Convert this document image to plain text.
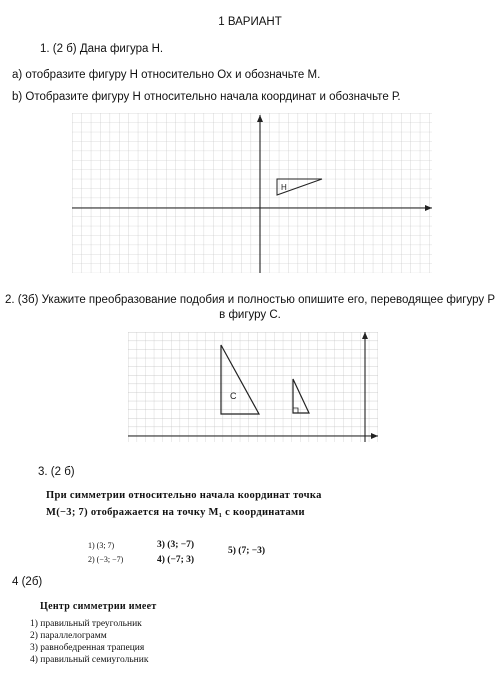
1 ВАРИАНТ
1. (2 б) Дана фигура Н.
а) отобразите фигуру Н относительно Ох и обозначьте М.
b) Отобразите фигуру Н относительно начала координат и обозначьте Р.
Н
2. (3б) Укажите преобразование подобия и полностью опишите его, переводящее фигуру Р
в фигуру С.
С
3. (2 б)
При симметрии относительно начала координат точка
M(−3; 7) отображается на точку M₁ с координатами
1) (3; 7)
2) (−3; −7)
3) (3; −7)
4) (−7; 3)
5) (7; −3)
4 (2б)
Центр симметрии имеет
1) правильный треугольник
2) параллелограмм
3) равнобедренная трапеция
4) правильный семиугольник
